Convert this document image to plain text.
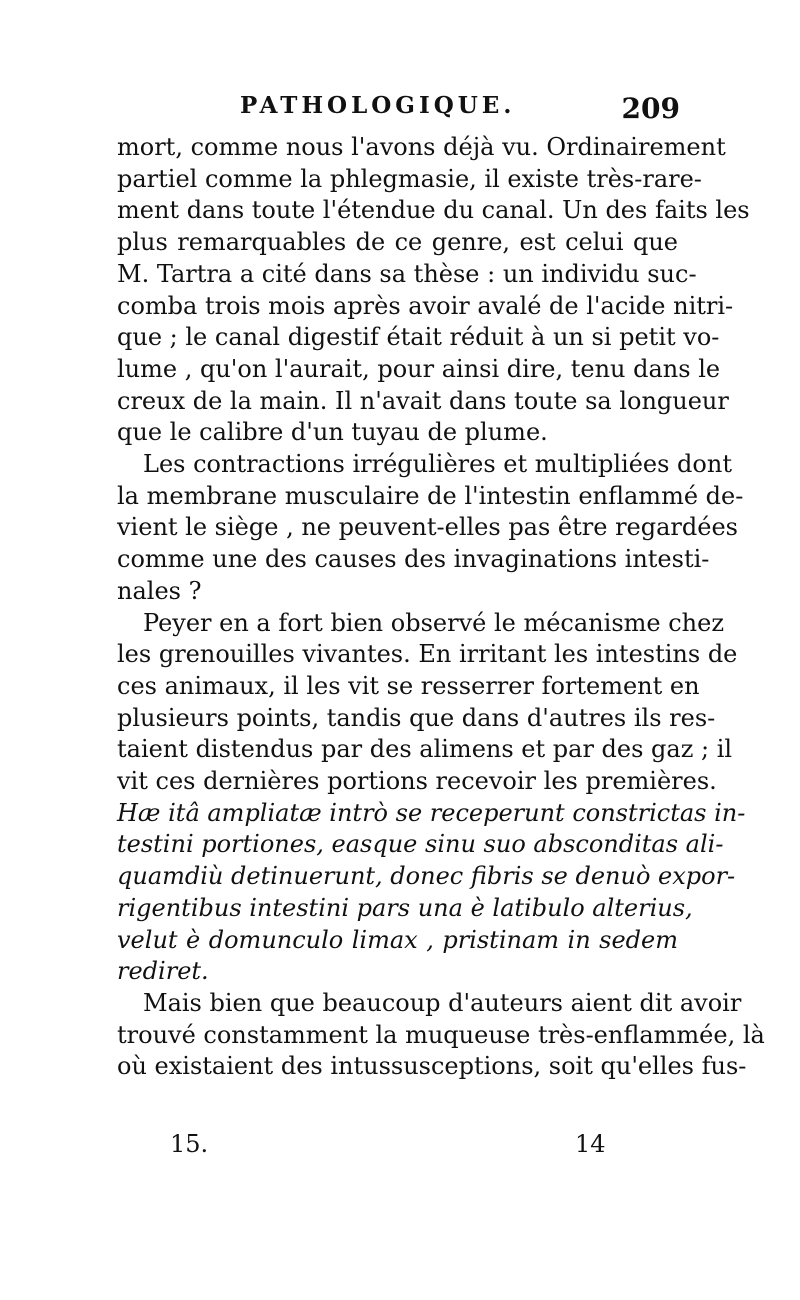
PATHOLOGIQUE.	209
mort, comme nous l'avons déjà vu. Ordinairement
partiel comme la phlegmasie, il existe très-rare-
ment dans toute l'étendue du canal. Un des faits les
plus remarquables de ce genre, est celui que
M. Tartra a cité dans sa thèse : un individu suc-
comba trois mois après avoir avalé de l'acide nitri-
que ; le canal digestif était réduit à un si petit vo-
lume , qu'on l'aurait, pour ainsi dire, tenu dans le
creux de la main. Il n'avait dans toute sa longueur
que le calibre d'un tuyau de plume.
Les contractions irrégulières et multipliées dont
la membrane musculaire de l'intestin enflammé de-
vient le siège , ne peuvent-elles pas être regardées
comme une des causes des invaginations intesti-
nales ?
Peyer en a fort bien observé le mécanisme chez
les grenouilles vivantes. En irritant les intestins de
ces animaux, il les vit se resserrer fortement en
plusieurs points, tandis que dans d'autres ils res-
taient distendus par des alimens et par des gaz ; il
vit ces dernières portions recevoir les premières.
Hæ itâ ampliatæ intrò se receperunt constrictas in-
testini portiones, easque sinu suo absconditas ali-
quamdiù detinuerunt, donec fibris se denuò expor-
rigentibus intestini pars una è latibulo alterius,
velut è domunculo limax , pristinam in sedem
rediret.
Mais bien que beaucoup d'auteurs aient dit avoir
trouvé constamment la muqueuse très-enflammée, là
où existaient des intussusceptions, soit qu'elles fus-
15.	14
